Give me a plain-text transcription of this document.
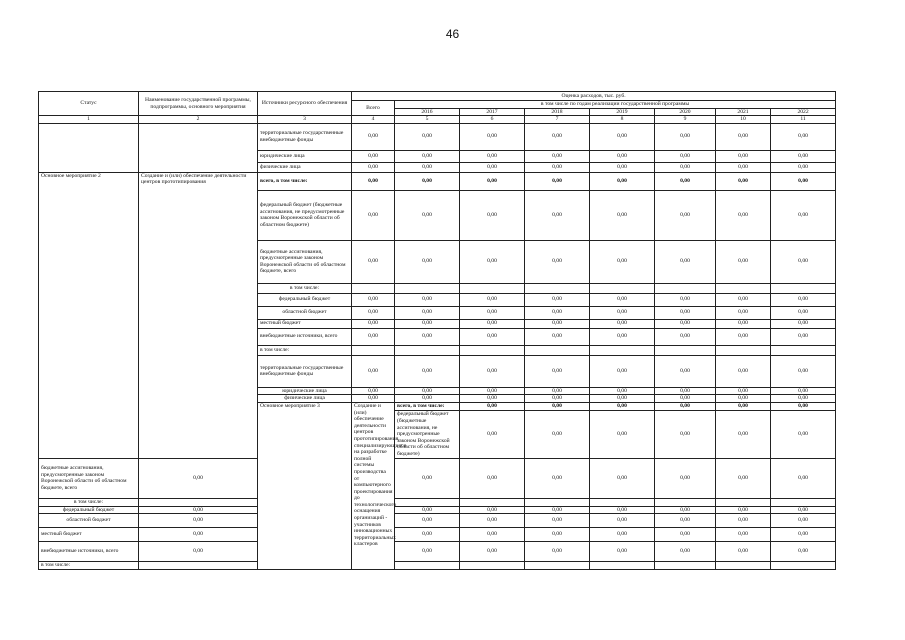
46
Статус	Наименование государственной программы, подпрограммы, основного мероприятия	Источники ресурсного обеспечения	Оценка расходов, тыс. руб.								
			Всего	в том числе по годам реализации государственной программы							
				2016	2017	2018	2019	2020	2021	2022	
1	2	3	4	5	6	7	8	9	10	11	
		территориальные государственные внебюджетные фонды	0,00	0,00	0,00	0,00	0,00	0,00	0,00	0,00	
		юридические лица	0,00	0,00	0,00	0,00	0,00	0,00	0,00	0,00	
		физические лица	0,00	0,00	0,00	0,00	0,00	0,00	0,00	0,00	
Основное мероприятие 2	Создание и (или) обеспечение деятельности центров прототипирования	всего, в том числе:	0,00	0,00	0,00	0,00	0,00	0,00	0,00	0,00	
		федеральный бюджет (бюджетные ассигнования, не предусмотренные законом Воронежской области об областном бюджете)	0,00	0,00	0,00	0,00	0,00	0,00	0,00	0,00	
		бюджетные ассигнования, предусмотренные законом Воронежской области об областном бюджете, всего	0,00	0,00	0,00	0,00	0,00	0,00	0,00	0,00	
		в том числе:									
		федеральный бюджет	0,00	0,00	0,00	0,00	0,00	0,00	0,00	0,00	
		областной бюджет	0,00	0,00	0,00	0,00	0,00	0,00	0,00	0,00	
		местный бюджет	0,00	0,00	0,00	0,00	0,00	0,00	0,00	0,00	
		внебюджетные источники, всего	0,00	0,00	0,00	0,00	0,00	0,00	0,00	0,00	
		в том числе:									
		территориальные государственные внебюджетные фонды	0,00	0,00	0,00	0,00	0,00	0,00	0,00	0,00	
		юридические лица	0,00	0,00	0,00	0,00	0,00	0,00	0,00	0,00	
		физические лица	0,00	0,00	0,00	0,00	0,00	0,00	0,00	0,00	
		Основное мероприятие 3	Создание и (или) обеспечение деятельности центров прототипирования, специализирующихся на разработке полной системы производства от компьютерного проектирования до технологического оснащения организаций - участников инновационных территориальных кластеров	всего, в том числе:	0,00	0,00	0,00	0,00	0,00	0,00		
				федеральный бюджет (бюджетные ассигнования, не предусмотренные законом Воронежской области об областном бюджете)	0,00	0,00	0,00	0,00	0,00	0,00		
бюджетные ассигнования, предусмотренные законом Воронежской области об областном бюджете, всего	0,00			0,00	0,00	0,00	0,00	0,00	0,00	0,00	
в том числе:											
федеральный бюджет	0,00			0,00	0,00	0,00	0,00	0,00	0,00	0,00	
областной бюджет	0,00			0,00	0,00	0,00	0,00	0,00	0,00	0,00	
местный бюджет	0,00			0,00	0,00	0,00	0,00	0,00	0,00	0,00	
внебюджетные источники, всего	0,00			0,00	0,00	0,00	0,00	0,00	0,00	0,00	
в том числе:											
